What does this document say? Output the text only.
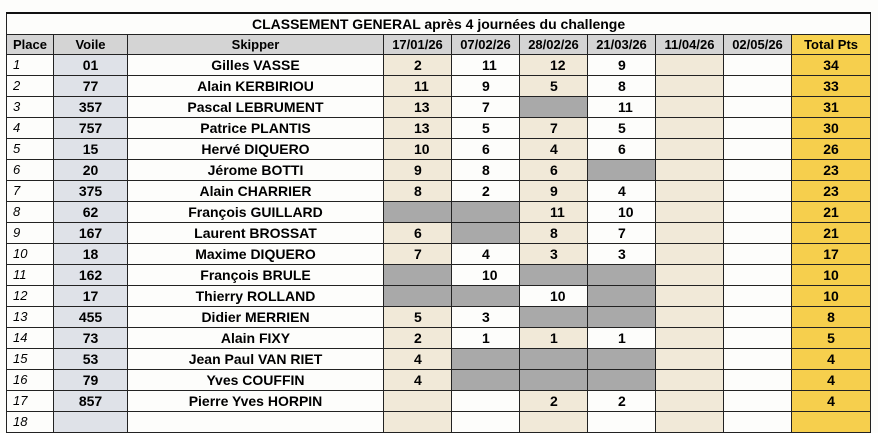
CLASSEMENT GENERAL après 4 journées du challenge									
Place	Voile	Skipper	17/01/26	07/02/26	28/02/26	21/03/26	11/04/26	02/05/26	Total Pts
1	01	Gilles VASSE	2	11	12	9			34
2	77	Alain KERBIRIOU	11	9	5	8			33
3	357	Pascal LEBRUMENT	13	7		11			31
4	757	Patrice PLANTIS	13	5	7	5			30
5	15	Hervé DIQUERO	10	6	4	6			26
6	20	Jérome BOTTI	9	8	6				23
7	375	Alain CHARRIER	8	2	9	4			23
8	62	François GUILLARD			11	10			21
9	167	Laurent BROSSAT	6		8	7			21
10	18	Maxime DIQUERO	7	4	3	3			17
11	162	François BRULE		10					10
12	17	Thierry ROLLAND			10				10
13	455	Didier MERRIEN	5	3					8
14	73	Alain FIXY	2	1	1	1			5
15	53	Jean Paul VAN RIET	4						4
16	79	Yves COUFFIN	4						4
17	857	Pierre Yves HORPIN			2	2			4
18									
